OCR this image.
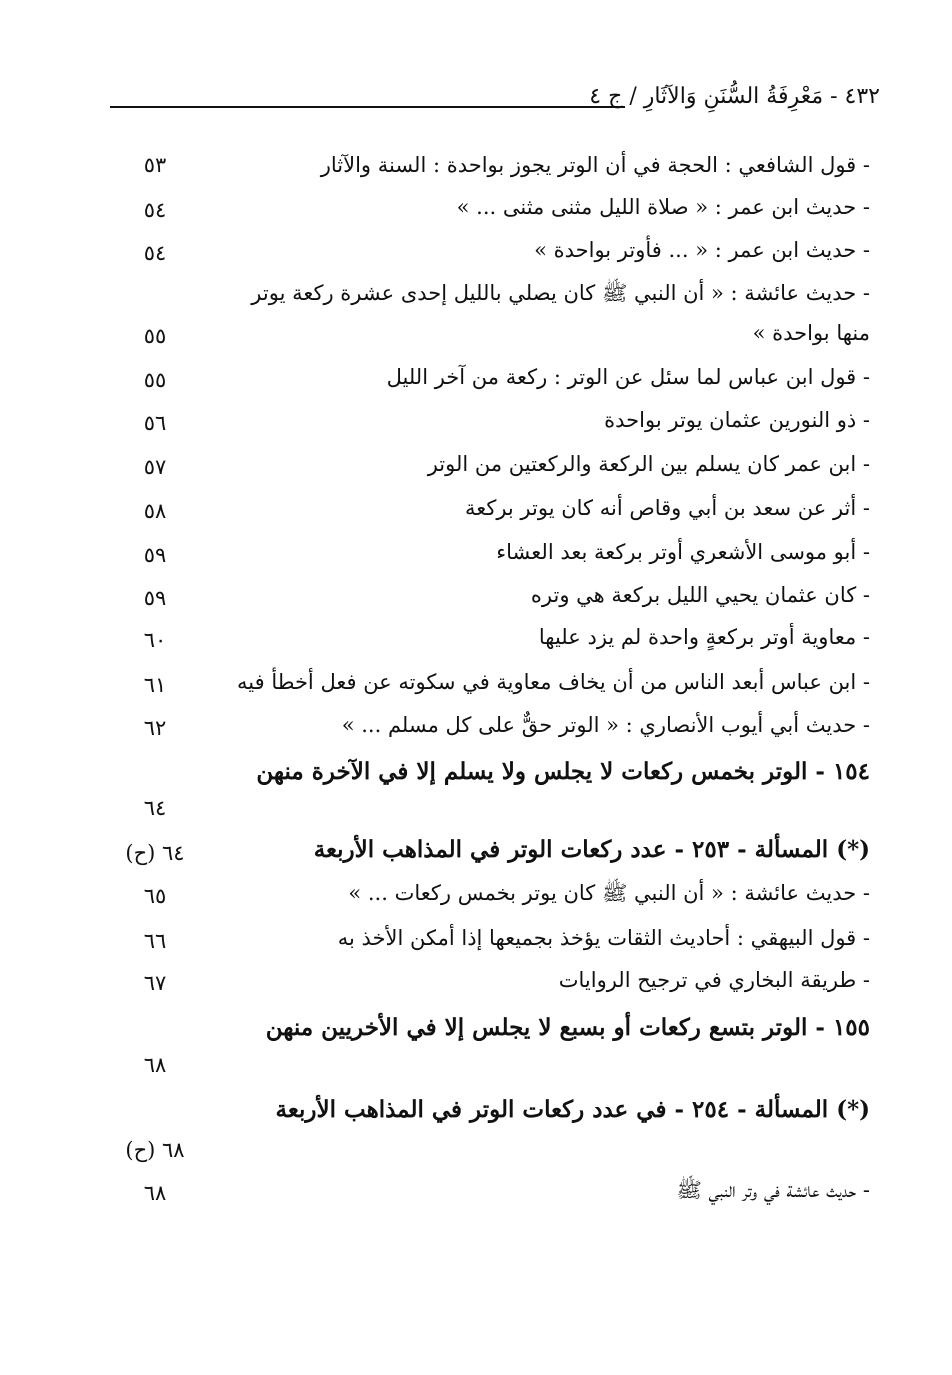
٤٣٢ - مَعْرِفَةُ السُّنَنِ وَالآثَارِ / ج ٤
- قول الشافعي : الحجة في أن الوتر يجوز بواحدة : السنة والآثار
٥٣
- حديث ابن عمر : « صلاة الليل مثنى مثنى ... »
٥٤
- حديث ابن عمر : « ... فأوتر بواحدة »
٥٤
- حديث عائشة : « أن النبي ﷺ كان يصلي بالليل إحدى عشرة ركعة يوتر منها بواحدة »
٥٥
- قول ابن عباس لما سئل عن الوتر : ركعة من آخر الليل
٥٥
- ذو النورين عثمان يوتر بواحدة
٥٦
- ابن عمر كان يسلم بين الركعة والركعتين من الوتر
٥٧
- أثر عن سعد بن أبي وقاص أنه كان يوتر بركعة
٥٨
- أبو موسى الأشعري أوتر بركعة بعد العشاء
٥٩
- كان عثمان يحيي الليل بركعة هي وتره
٥٩
- معاوية أوتر بركعةٍ واحدة لم يزد عليها
٦٠
- ابن عباس أبعد الناس من أن يخاف معاوية في سكوته عن فعل أخطأ فيه
٦١
- حديث أبي أيوب الأنصاري : « الوتر حقٌّ على كل مسلم ... »
٦٢
١٥٤ - الوتر بخمس ركعات لا يجلس ولا يسلم إلا في الآخرة منهن
٦٤
(*) المسألة - ٢٥٣ - عدد ركعات الوتر في المذاهب الأربعة
٦٤ (ح)
- حديث عائشة : « أن النبي ﷺ كان يوتر بخمس ركعات ... »
٦٥
- قول البيهقي : أحاديث الثقات يؤخذ بجميعها إذا أمكن الأخذ به
٦٦
- طريقة البخاري في ترجيح الروايات
٦٧
١٥٥ - الوتر بتسع ركعات أو بسبع لا يجلس إلا في الأخريين منهن
٦٨
(*) المسألة - ٢٥٤ - في عدد ركعات الوتر في المذاهب الأربعة
٦٨ (ح)
- حديث عائشة في وتر النبي ﷺ
٦٨
